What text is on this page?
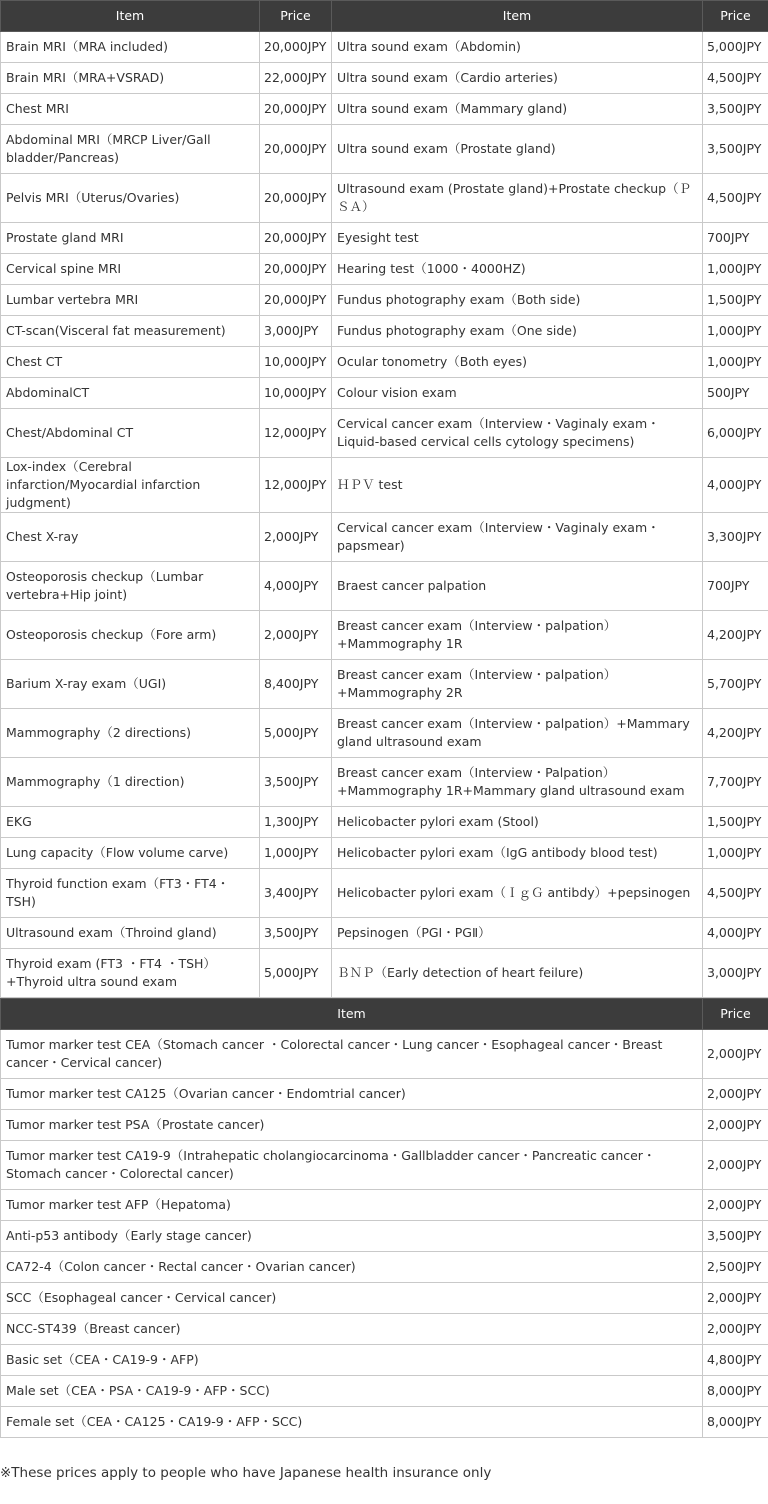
Item	Price	Item	Price
Brain MRI（MRA included)	20,000JPY	Ultra sound exam（Abdomin)	5,000JPY
Brain MRI（MRA+VSRAD)	22,000JPY	Ultra sound exam（Cardio arteries)	4,500JPY
Chest MRI	20,000JPY	Ultra sound exam（Mammary gland)	3,500JPY
Abdominal MRI（MRCP Liver/Gall bladder/Pancreas)	20,000JPY	Ultra sound exam（Prostate gland)	3,500JPY
Pelvis MRI（Uterus/Ovaries)	20,000JPY	Ultrasound exam (Prostate gland)+Prostate checkup（ＰＳＡ）	4,500JPY
Prostate gland MRI	20,000JPY	Eyesight test	700JPY
Cervical spine MRI	20,000JPY	Hearing test（1000・4000HZ)	1,000JPY
Lumbar vertebra MRI	20,000JPY	Fundus photography exam（Both side)	1,500JPY
CT-scan(Visceral fat measurement)	3,000JPY	Fundus photography exam（One side)	1,000JPY
Chest CT	10,000JPY	Ocular tonometry（Both eyes)	1,000JPY
AbdominalCT	10,000JPY	Colour vision exam	500JPY
Chest/Abdominal CT	12,000JPY	Cervical cancer exam（Interview・Vaginaly exam・Liquid-based cervical cells cytology specimens)	6,000JPY
Lox-index（Cerebral infarction/Myocardial infarction judgment)	12,000JPY	ＨＰＶ test	4,000JPY
Chest X-ray	2,000JPY	Cervical cancer exam（Interview・Vaginaly exam・papsmear)	3,300JPY
Osteoporosis checkup（Lumbar vertebra+Hip joint)	4,000JPY	Braest cancer palpation	700JPY
Osteoporosis checkup（Fore arm)	2,000JPY	Breast cancer exam（Interview・palpation）+Mammography 1R	4,200JPY
Barium X-ray exam（UGI)	8,400JPY	Breast cancer exam（Interview・palpation）+Mammography 2R	5,700JPY
Mammography（2 directions)	5,000JPY	Breast cancer exam（Interview・palpation）+Mammary gland ultrasound exam	4,200JPY
Mammography（1 direction)	3,500JPY	Breast cancer exam（Interview・Palpation）+Mammography 1R+Mammary gland ultrasound exam	7,700JPY
EKG	1,300JPY	Helicobacter pylori exam (Stool)	1,500JPY
Lung capacity（Flow volume carve)	1,000JPY	Helicobacter pylori exam（IgG antibody blood test)	1,000JPY
Thyroid function exam（FT3・FT4・TSH)	3,400JPY	Helicobacter pylori exam（ＩｇＧ antibdy）+pepsinogen	4,500JPY
Ultrasound exam（Throind gland)	3,500JPY	Pepsinogen（PGⅠ・PGⅡ）	4,000JPY
Thyroid exam (FT3 ・FT4 ・TSH）+Thyroid ultra sound exam	5,000JPY	ＢＮＰ（Early detection of heart feilure)	3,000JPY
Item	Price
Tumor marker test CEA（Stomach cancer ・Colorectal cancer・Lung cancer・Esophageal cancer・Breast cancer・Cervical cancer)	2,000JPY
Tumor marker test CA125（Ovarian cancer・Endomtrial cancer)	2,000JPY
Tumor marker test PSA（Prostate cancer)	2,000JPY
Tumor marker test CA19-9（Intrahepatic cholangiocarcinoma・Gallbladder cancer・Pancreatic cancer・Stomach cancer・Colorectal cancer)	2,000JPY
Tumor marker test AFP（Hepatoma)	2,000JPY
Anti-p53 antibody（Early stage cancer)	3,500JPY
CA72-4（Colon cancer・Rectal cancer・Ovarian cancer)	2,500JPY
SCC（Esophageal cancer・Cervical cancer)	2,000JPY
NCC-ST439（Breast cancer)	2,000JPY
Basic set（CEA・CA19-9・AFP)	4,800JPY
Male set（CEA・PSA・CA19-9・AFP・SCC)	8,000JPY
Female set（CEA・CA125・CA19-9・AFP・SCC)	8,000JPY
※These prices apply to people who have Japanese health insurance only
